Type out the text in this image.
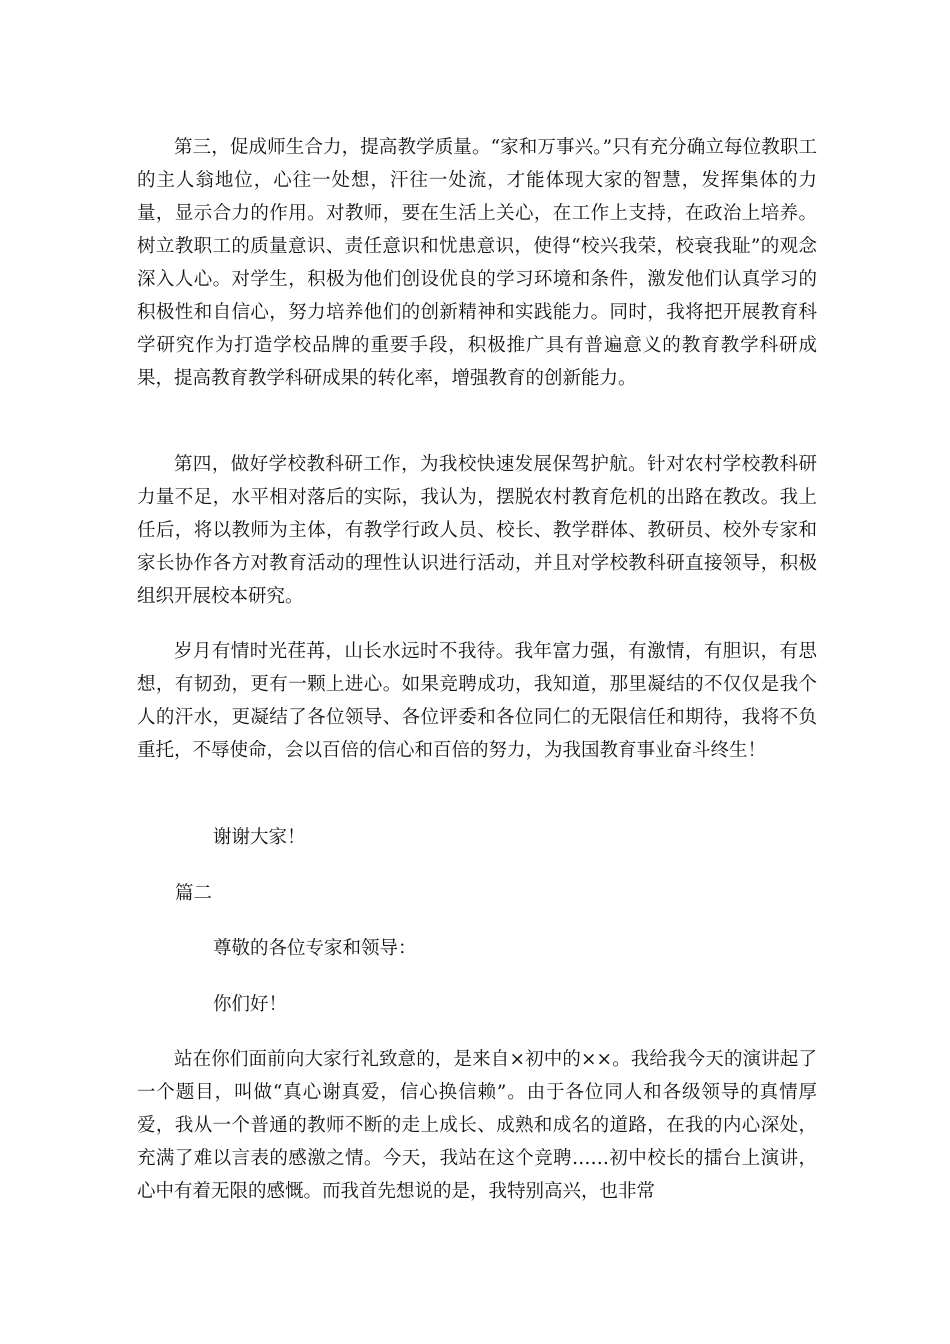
第三，促成师生合力，提高教学质量。“家和万事兴。”只有充分确立每位教职工的主人翁地位，心往一处想，汗往一处流，才能体现大家的智慧，发挥集体的力量，显示合力的作用。对教师，要在生活上关心，在工作上支持，在政治上培养。树立教职工的质量意识、责任意识和忧患意识，使得“校兴我荣，校衰我耻”的观念深入人心。对学生，积极为他们创设优良的学习环境和条件，激发他们认真学习的积极性和自信心，努力培养他们的创新精神和实践能力。同时，我将把开展教育科学研究作为打造学校品牌的重要手段，积极推广具有普遍意义的教育教学科研成果，提高教育教学科研成果的转化率，增强教育的创新能力。

第四，做好学校教科研工作，为我校快速发展保驾护航。针对农村学校教科研力量不足，水平相对落后的实际，我认为，摆脱农村教育危机的出路在教改。我上任后，将以教师为主体，有教学行政人员、校长、教学群体、教研员、校外专家和家长协作各方对教育活动的理性认识进行活动，并且对学校教科研直接领导，积极组织开展校本研究。

岁月有情时光荏苒，山长水远时不我待。我年富力强，有激情，有胆识，有思想，有韧劲，更有一颗上进心。如果竞聘成功，我知道，那里凝结的不仅仅是我个人的汗水，更凝结了各位领导、各位评委和各位同仁的无限信任和期待，我将不负重托，不辱使命，会以百倍的信心和百倍的努力，为我国教育事业奋斗终生！

谢谢大家！

篇二

尊敬的各位专家和领导：

你们好！

站在你们面前向大家行礼致意的，是来自×初中的××。我给我今天的演讲起了一个题目，叫做“真心谢真爱，信心换信赖”。由于各位同人和各级领导的真情厚爱，我从一个普通的教师不断的走上成长、成熟和成名的道路，在我的内心深处，充满了难以言表的感激之情。今天，我站在这个竞聘……初中校长的擂台上演讲，心中有着无限的感慨。而我首先想说的是，我特别高兴，也非常
